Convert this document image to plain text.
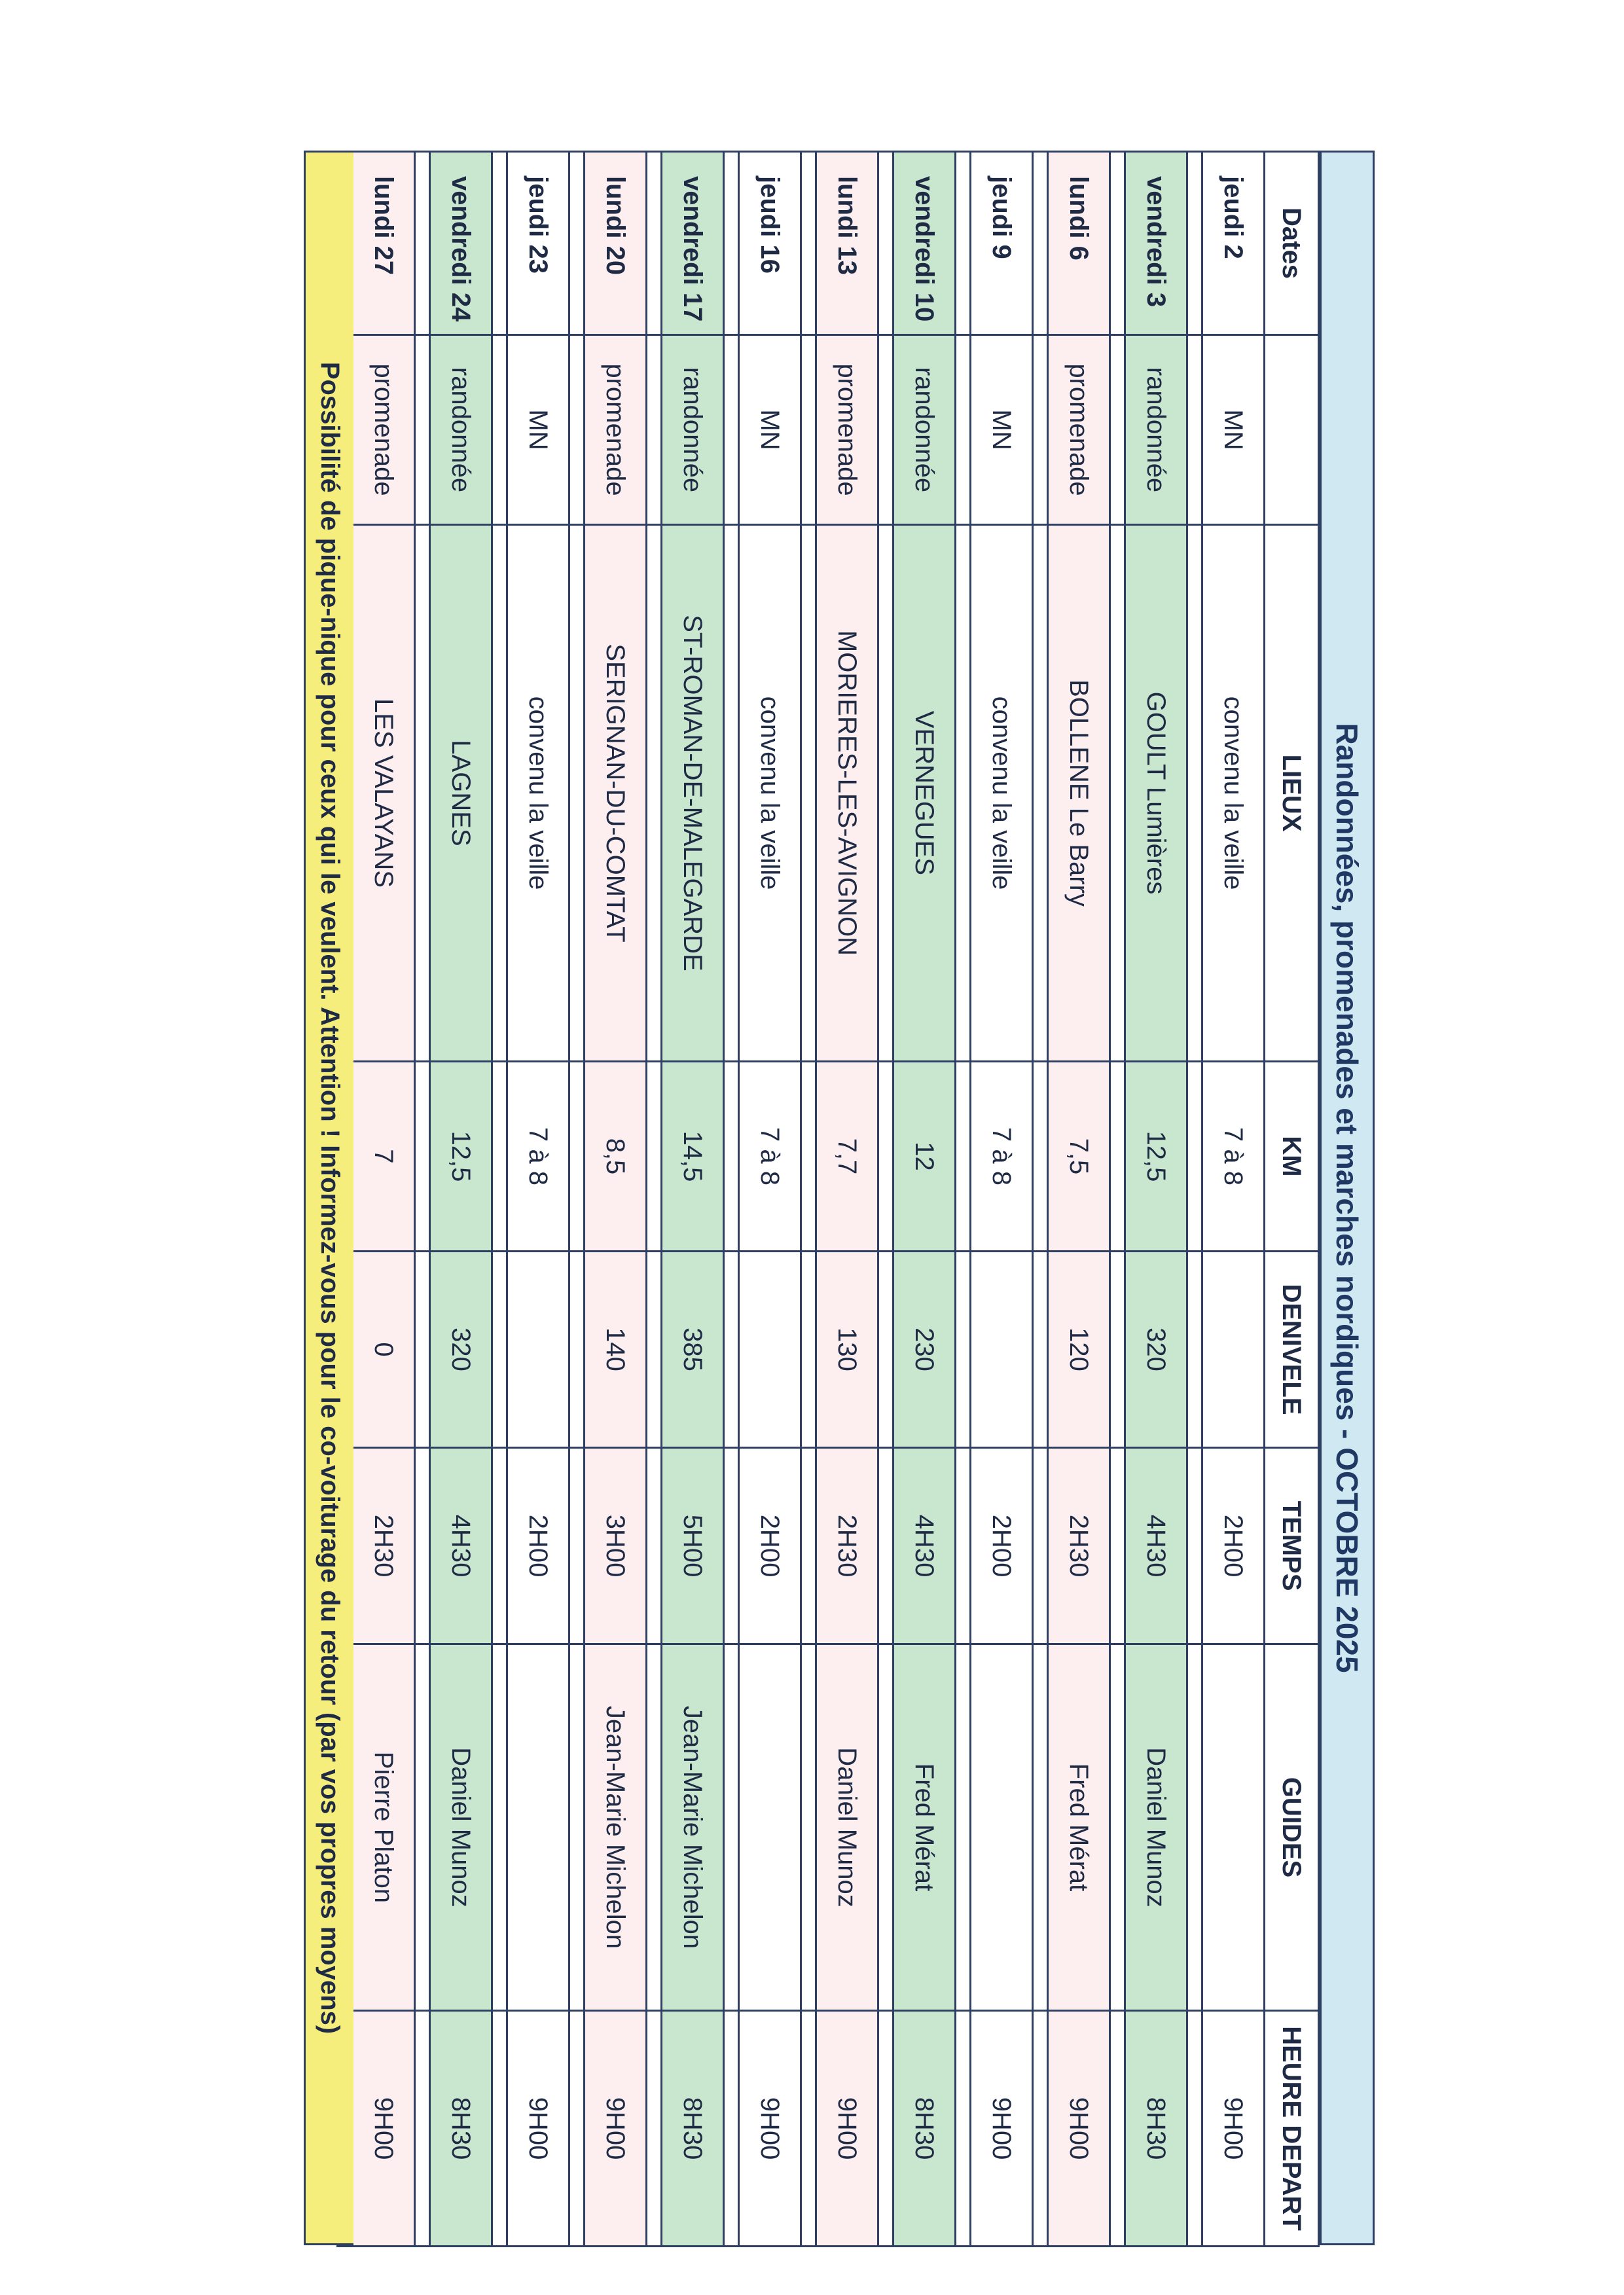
Randonnées, promenades et marches nordiques - OCTOBRE 2025
Dates		LIEUX	KM	DENIVELE	TEMPS	GUIDES	HEURE DEPART
jeudi 2	MN	convenu la veille	7 à 8		2H00		9H00

vendredi 3	randonnée	GOULT Lumières	12,5	320	4H30	Daniel Munoz	8H30

lundi 6	promenade	BOLLENE Le Barry	7,5	120	2H30	Fred Mérat	9H00

jeudi 9	MN	convenu la veille	7 à 8		2H00		9H00

vendredi 10	randonnée	VERNEGUES	12	230	4H30	Fred Mérat	8H30

lundi 13	promenade	MORIERES-LES-AVIGNON	7,7	130	2H30	Daniel Munoz	9H00

jeudi 16	MN	convenu la veille	7 à 8		2H00		9H00

vendredi 17	randonnée	ST-ROMAN-DE-MALEGARDE	14,5	385	5H00	Jean-Marie Michelon	8H30

lundi 20	promenade	SERIGNAN-DU-COMTAT	8,5	140	3H00	Jean-Marie Michelon	9H00

jeudi 23	MN	convenu la veille	7 à 8		2H00		9H00

vendredi 24	randonnée	LAGNES	12,5	320	4H30	Daniel Munoz	8H30

lundi 27	promenade	LES VALAYANS	7	0	2H30	Pierre Platon	9H00

Possibilité de pique-nique pour ceux qui le veulent. Attention ! Informez-vous pour le co-voiturage du retour (par vos propres moyens)
